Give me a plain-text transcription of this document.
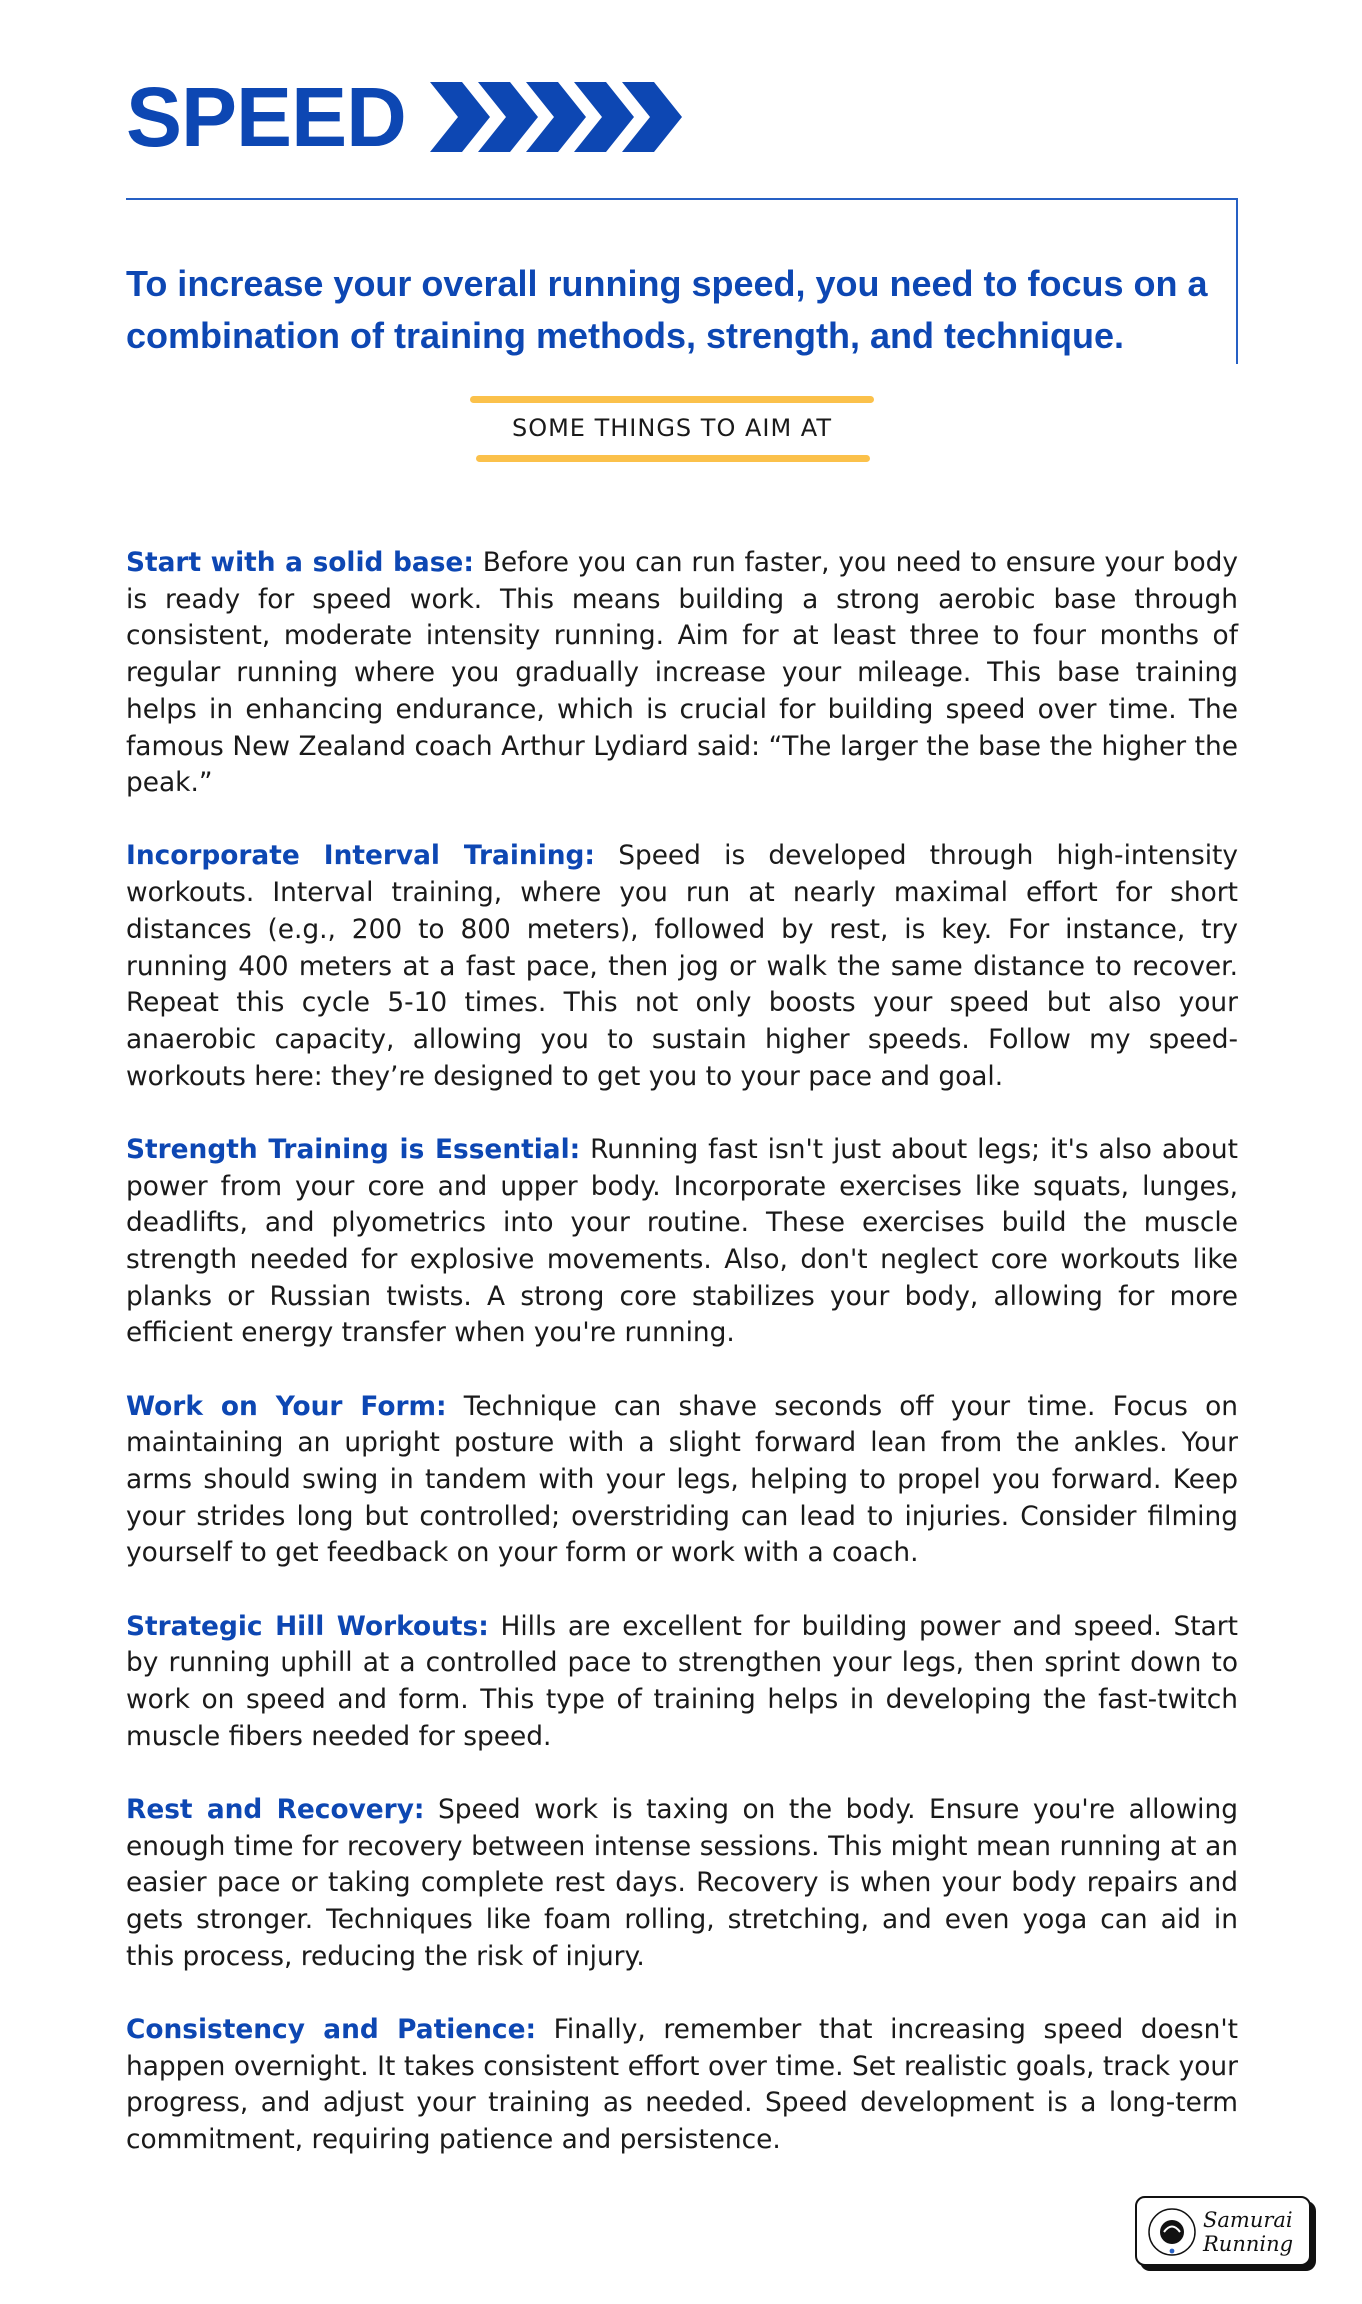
SPEED

To increase your overall running speed, you need to focus on a combination of training methods, strength, and technique.

SOME THINGS TO AIM AT

Start with a solid base: Before you can run faster, you need to ensure your body is ready for speed work. This means building a strong aerobic base through consistent, moderate intensity running. Aim for at least three to four months of regular running where you gradually increase your mileage. This base training helps in enhancing endurance, which is crucial for building speed over time. The famous New Zealand coach Arthur Lydiard said: “The larger the base the higher the peak.”

Incorporate Interval Training: Speed is developed through high-intensity workouts. Interval training, where you run at nearly maximal effort for short distances (e.g., 200 to 800 meters), followed by rest, is key. For instance, try running 400 meters at a fast pace, then jog or walk the same distance to recover. Repeat this cycle 5-10 times. This not only boosts your speed but also your anaerobic capacity, allowing you to sustain higher speeds. Follow my speed-workouts here: they’re designed to get you to your pace and goal.

Strength Training is Essential: Running fast isn't just about legs; it's also about power from your core and upper body. Incorporate exercises like squats, lunges, deadlifts, and plyometrics into your routine. These exercises build the muscle strength needed for explosive movements. Also, don't neglect core workouts like planks or Russian twists. A strong core stabilizes your body, allowing for more efficient energy transfer when you're running.

Work on Your Form: Technique can shave seconds off your time. Focus on maintaining an upright posture with a slight forward lean from the ankles. Your arms should swing in tandem with your legs, helping to propel you forward. Keep your strides long but controlled; overstriding can lead to injuries. Consider filming yourself to get feedback on your form or work with a coach.

Strategic Hill Workouts: Hills are excellent for building power and speed. Start by running uphill at a controlled pace to strengthen your legs, then sprint down to work on speed and form. This type of training helps in developing the fast-twitch muscle fibers needed for speed.

Rest and Recovery: Speed work is taxing on the body. Ensure you're allowing enough time for recovery between intense sessions. This might mean running at an easier pace or taking complete rest days. Recovery is when your body repairs and gets stronger. Techniques like foam rolling, stretching, and even yoga can aid in this process, reducing the risk of injury.

Consistency and Patience: Finally, remember that increasing speed doesn't happen overnight. It takes consistent effort over time. Set realistic goals, track your progress, and adjust your training as needed. Speed development is a long-term commitment, requiring patience and persistence.

Samurai
Running
